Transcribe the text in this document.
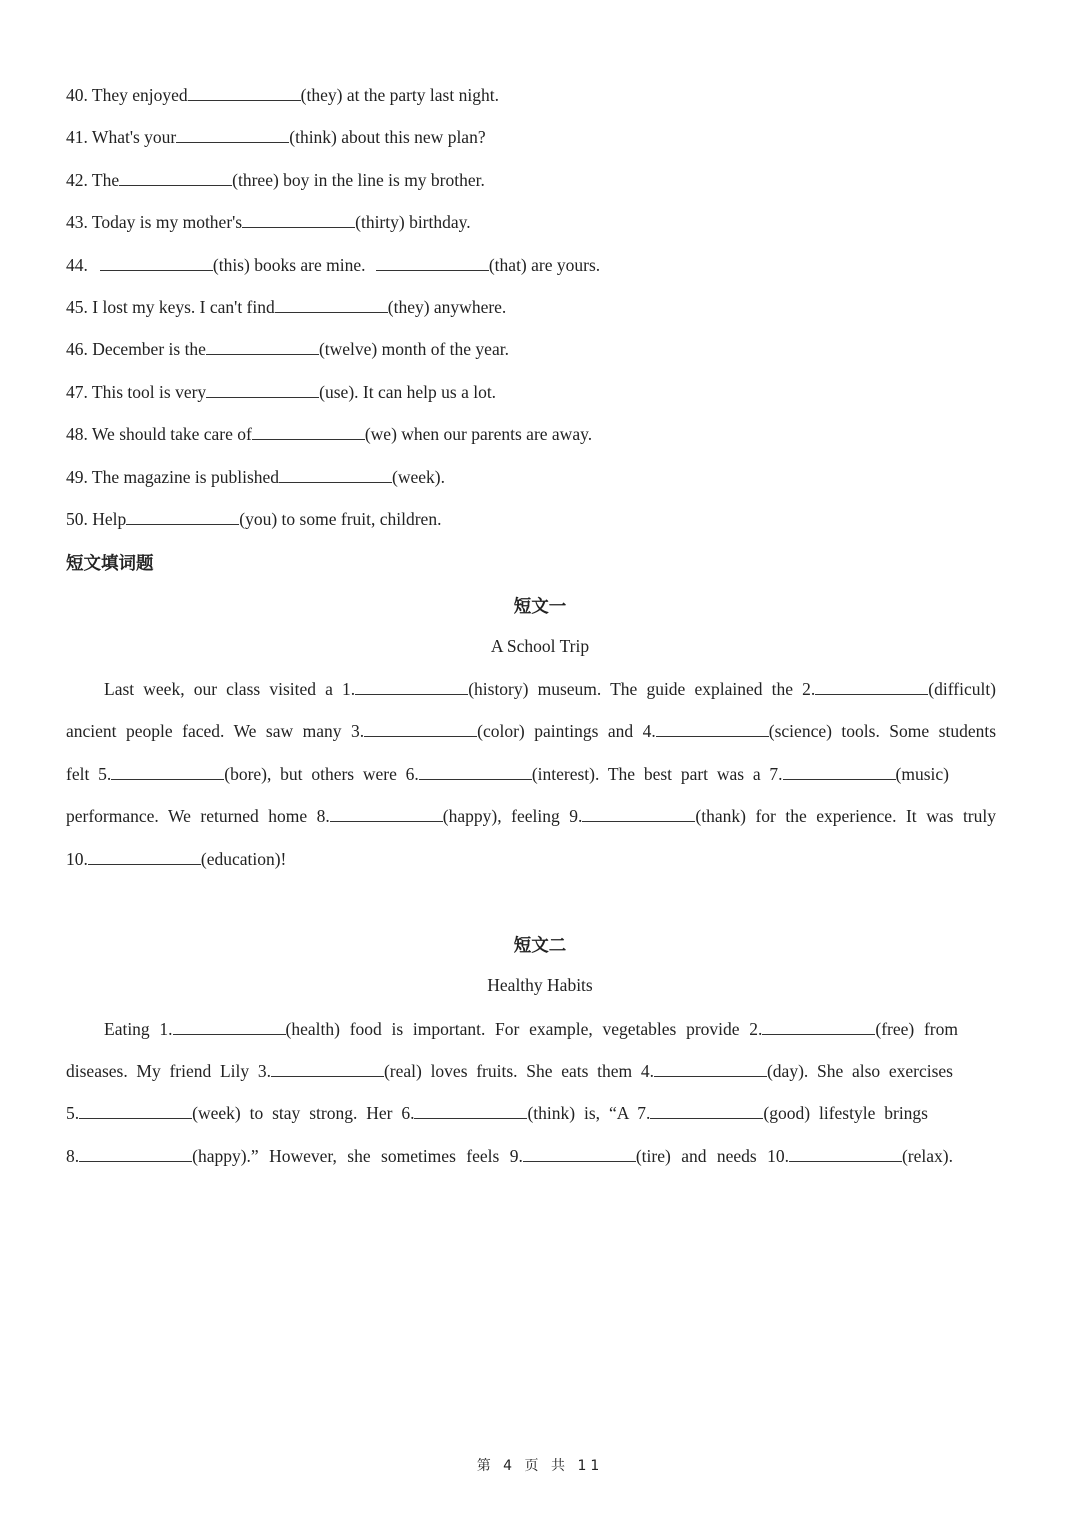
40. They enjoyed	(they) at the party last night.
41. What's your	(think) about this new plan?
42. The	(three) boy in the line is my brother.
43. Today is my mother's	(thirty) birthday.
44.	(this) books are mine.	(that) are yours.
45. I lost my keys. I can't find	(they) anywhere.
46. December is the	(twelve) month of the year.
47. This tool is very	(use). It can help us a lot.
48. We should take care of	(we) when our parents are away.
49. The magazine is published	(week).
50. Help	(you) to some fruit, children.
短文填词题
短文一
A School Trip
Last week, our class visited a 1.	(history) museum. The guide explained the 2.	(difficult)
ancient people faced. We saw many 3.	(color) paintings and 4.	(science) tools. Some students
felt 5.	(bore), but others were 6.	(interest). The best part was a 7.	(music)
performance. We returned home 8.	(happy), feeling 9.	(thank) for the experience. It was truly
10.	(education)!
短文二
Healthy Habits
Eating 1.	(health) food is important. For example, vegetables provide 2.	(free) from
diseases. My friend Lily 3.	(real) loves fruits. She eats them 4.	(day). She also exercises
5.	(week) to stay strong. Her 6.	(think) is, “A 7.	(good) lifestyle brings
8.	(happy).” However, she sometimes feels 9.	(tire) and needs 10.	(relax).
第 4 页 共 11
